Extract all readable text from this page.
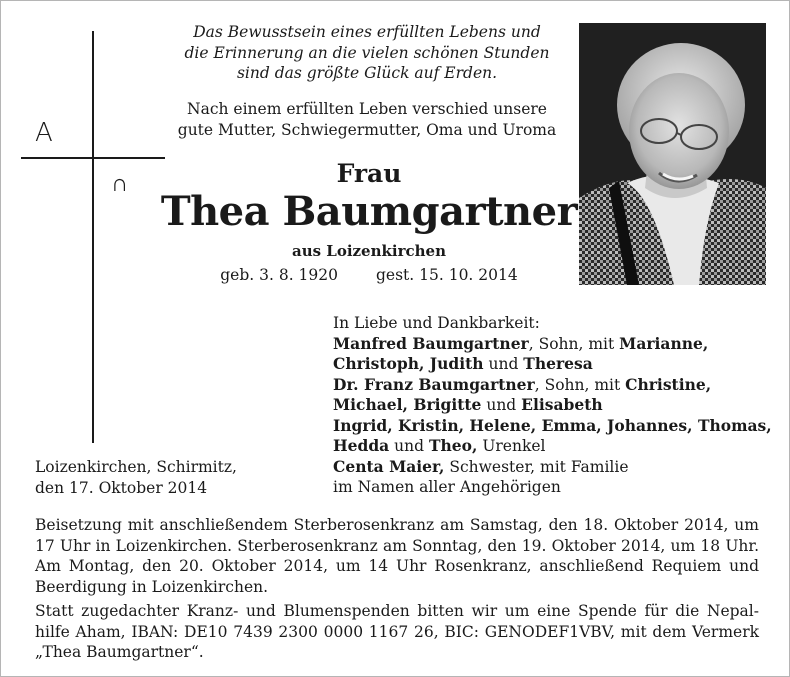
A
∩
Das Bewusstsein eines erfüllten Lebens und
die Erinnerung an die vielen schönen Stunden
sind das größte Glück auf Erden.
Nach einem erfüllten Leben verschied unsere
gute Mutter, Schwiegermutter, Oma und Uroma
Frau
Thea Baumgartner
aus Loizenkirchen
geb. 3. 8. 1920 gest. 15. 10. 2014
In Liebe und Dankbarkeit:
Manfred Baumgartner, Sohn, mit Marianne,
Christoph, Judith und Theresa
Dr. Franz Baumgartner, Sohn, mit Christine,
Michael, Brigitte und Elisabeth
Ingrid, Kristin, Helene, Emma, Johannes, Thomas,
Hedda und Theo, Urenkel
Centa Maier, Schwester, mit Familie
im Namen aller Angehörigen
Loizenkirchen, Schirmitz,
den 17. Oktober 2014

Beisetzung mit anschließendem Sterberosenkranz am Samstag, den 18. Oktober 2014, um 17 Uhr in Loizenkirchen. Sterberosenkranz am Sonntag, den 19. Oktober 2014, um 18 Uhr. Am Montag, den 20. Oktober 2014, um 14 Uhr Rosenkranz, anschließend Requiem und Beerdigung in Loizenkirchen.

Statt zugedachter Kranz- und Blumenspenden bitten wir um eine Spende für die Nepal-hilfe Aham, IBAN: DE10 7439 2300 0000 1167 26, BIC: GENODEF1VBV, mit dem Vermerk „Thea Baumgartner“.
